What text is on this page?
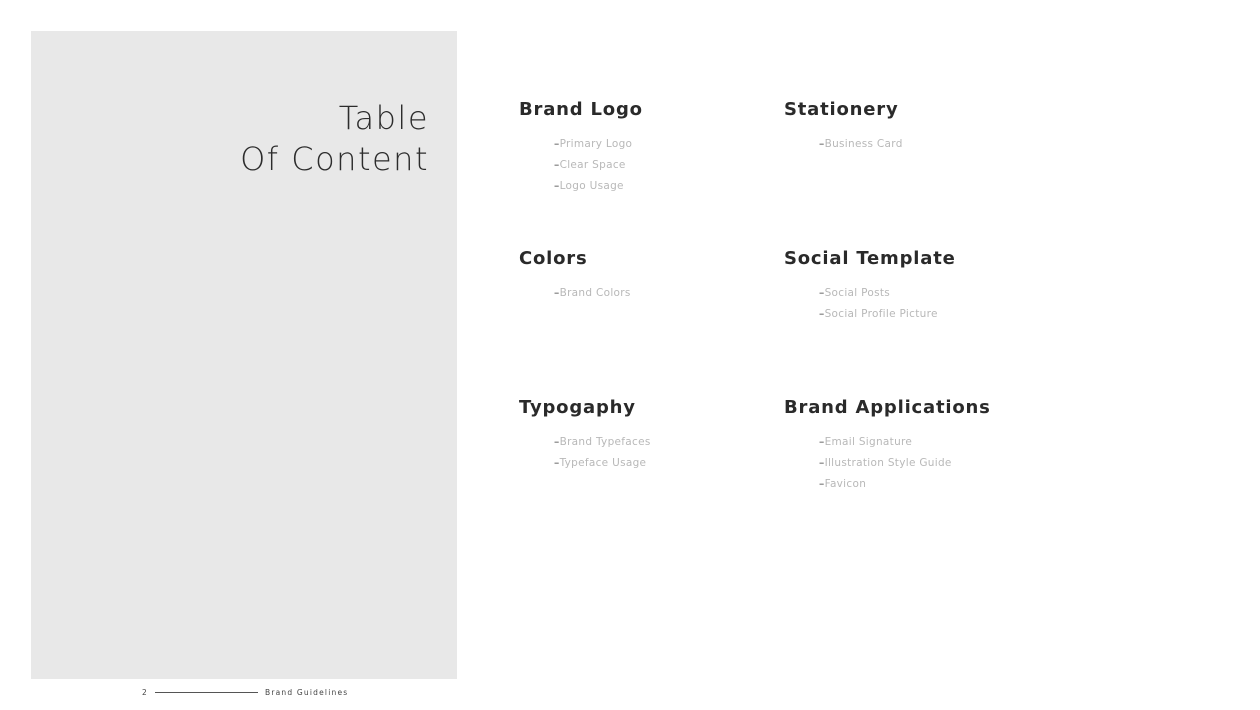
Table
Of Content
Brand Logo
–Primary Logo
–Clear Space
–Logo Usage
Colors
–Brand Colors
Typogaphy
–Brand Typefaces
–Typeface Usage
Stationery
–Business Card
Social Template
–Social Posts
–Social Profile Picture
Brand Applications
–Email Signature
–Illustration Style Guide
–Favicon
2	Brand Guidelines
